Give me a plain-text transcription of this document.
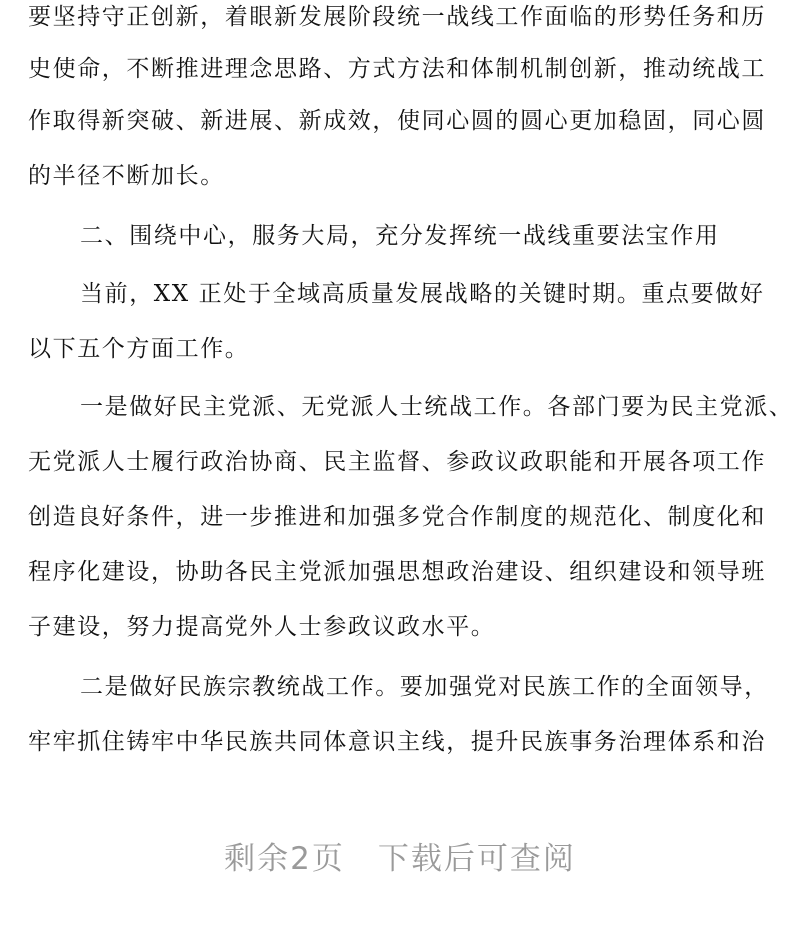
要坚持守正创新，着眼新发展阶段统一战线工作面临的形势任务和历
史使命，不断推进理念思路、方式方法和体制机制创新，推动统战工
作取得新突破、新进展、新成效，使同心圆的圆心更加稳固，同心圆
的半径不断加长。
二、围绕中心，服务大局，充分发挥统一战线重要法宝作用
当前，XX 正处于全域高质量发展战略的关键时期。重点要做好
以下五个方面工作。
一是做好民主党派、无党派人士统战工作。各部门要为民主党派、
无党派人士履行政治协商、民主监督、参政议政职能和开展各项工作
创造良好条件，进一步推进和加强多党合作制度的规范化、制度化和
程序化建设，协助各民主党派加强思想政治建设、组织建设和领导班
子建设，努力提高党外人士参政议政水平。
二是做好民族宗教统战工作。要加强党对民族工作的全面领导，
牢牢抓住铸牢中华民族共同体意识主线，提升民族事务治理体系和治
剩余2页　下载后可查阅
